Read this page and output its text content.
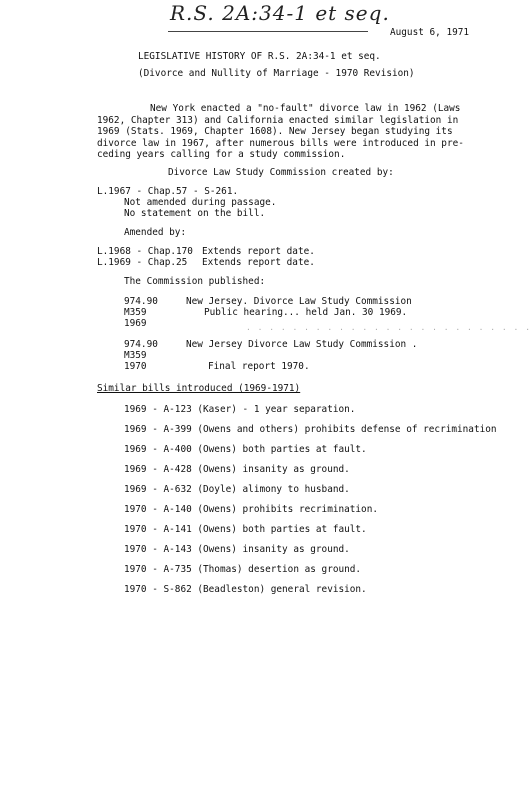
R.S. 2A:34-1 et seq.
August 6, 1971
LEGISLATIVE HISTORY OF R.S. 2A:34-1 et seq.
(Divorce and Nullity of Marriage - 1970 Revision)
New York enacted a "no-fault" divorce law in 1962 (Laws
1962, Chapter 313) and California enacted similar legislation in
1969 (Stats. 1969, Chapter 1608). New Jersey began studying its
divorce law in 1967, after numerous bills were introduced in pre-
ceding years calling for a study commission.
Divorce Law Study Commission created by:
L.1967 - Chap.57 - S-261.
Not amended during passage.
No statement on the bill.
Amended by:
L.1968 - Chap.170 Extends report date.
L.1969 - Chap.25 Extends report date.
The Commission published:
974.90
M359
1969
New Jersey. Divorce Law Study Commission
Public hearing... held Jan. 30 1969.
· · · · · · · · · · · · · · · · · · · · · · · · ·
974.90
M359
1970
New Jersey Divorce Law Study Commission .
Final report 1970.
Similar bills introduced (1969-1971)
1969 - A-123 (Kaser) - 1 year separation.
1969 - A-399 (Owens and others) prohibits defense of recrimination
1969 - A-400 (Owens) both parties at fault.
1969 - A-428 (Owens) insanity as ground.
1969 - A-632 (Doyle) alimony to husband.
1970 - A-140 (Owens) prohibits recrimination.
1970 - A-141 (Owens) both parties at fault.
1970 - A-143 (Owens) insanity as ground.
1970 - A-735 (Thomas) desertion as ground.
1970 - S-862 (Beadleston) general revision.
